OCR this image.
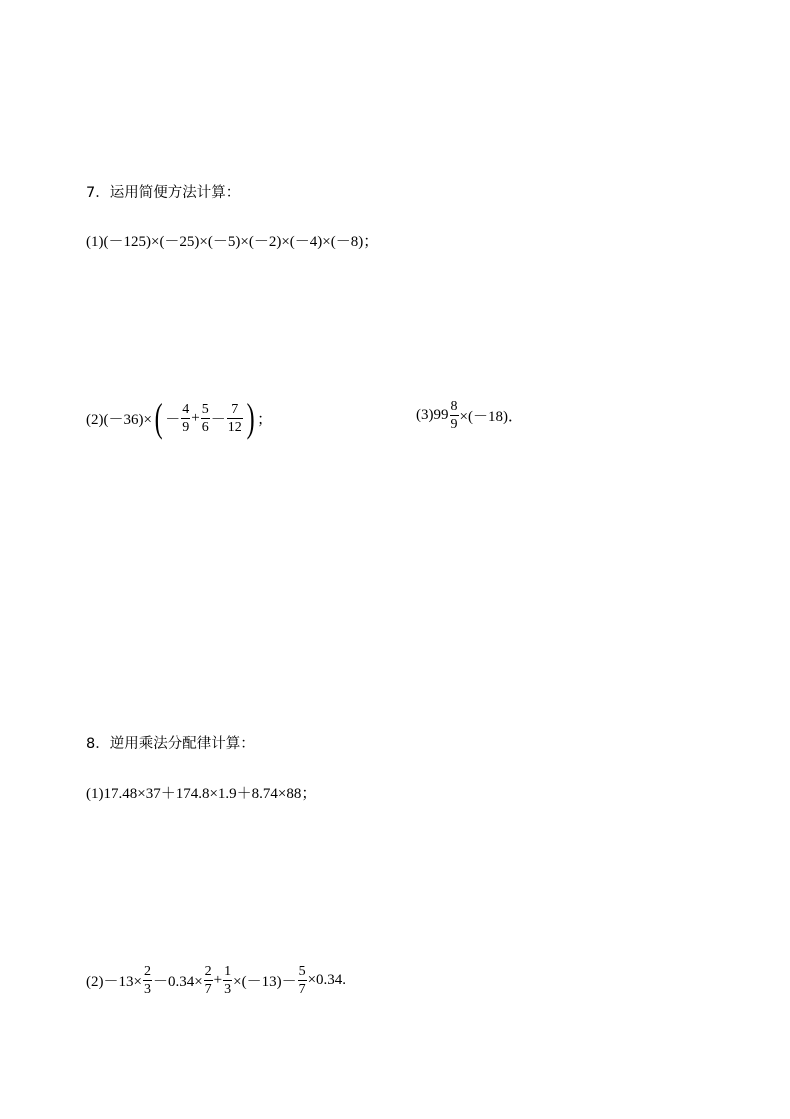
7．运用简便方法计算：
(1)(－125)×(－25)×(－5)×(－2)×(－4)×(－8)；
(2)(－36)× ( － $\frac{4}{9} + \frac{5}{6} - \frac{7}{12}$ ) ；	$(3)99 \frac{8}{9} \times(-18)$．
8．逆用乘法分配律计算：
(1)17.48×37＋174.8×1.9＋8.74×88；
$(2)-13\times \frac{2}{3} -0.34\times \frac{2}{7} + \frac{1}{3} \times(-13)- \frac{5}{7} \times 0.34$.
